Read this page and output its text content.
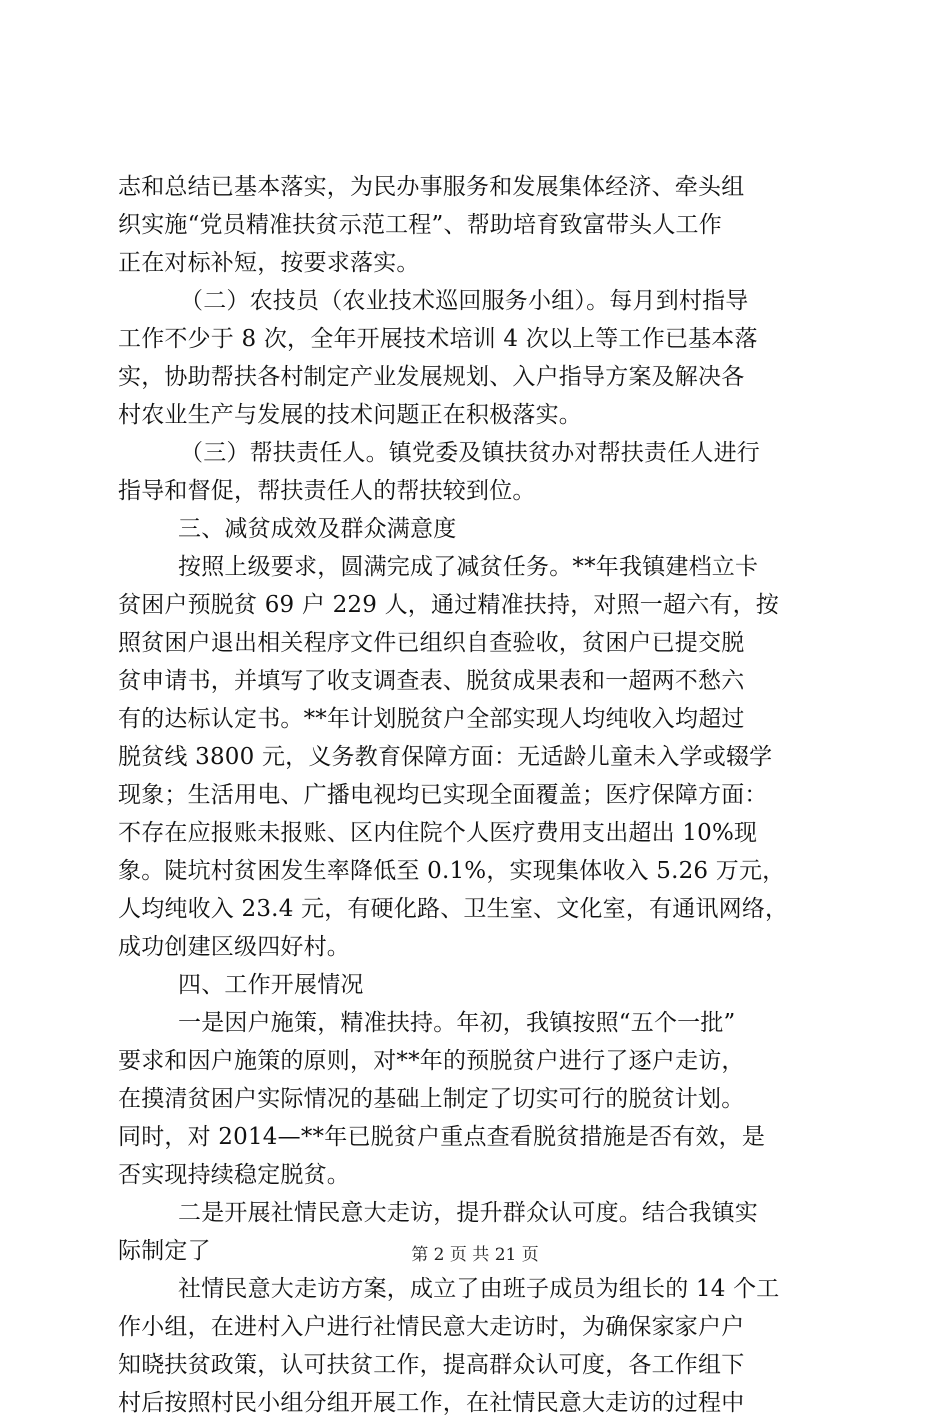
志和总结已基本落实，为民办事服务和发展集体经济、牵头组
织实施“党员精准扶贫示范工程”、帮助培育致富带头人工作
正在对标补短，按要求落实。
（二）农技员（农业技术巡回服务小组）。每月到村指导
工作不少于 8 次，全年开展技术培训 4 次以上等工作已基本落
实，协助帮扶各村制定产业发展规划、入户指导方案及解决各
村农业生产与发展的技术问题正在积极落实。
（三）帮扶责任人。镇党委及镇扶贫办对帮扶责任人进行
指导和督促，帮扶责任人的帮扶较到位。
三、减贫成效及群众满意度
按照上级要求，圆满完成了减贫任务。**年我镇建档立卡
贫困户预脱贫 69 户 229 人，通过精准扶持，对照一超六有，按
照贫困户退出相关程序文件已组织自查验收，贫困户已提交脱
贫申请书，并填写了收支调查表、脱贫成果表和一超两不愁六
有的达标认定书。**年计划脱贫户全部实现人均纯收入均超过
脱贫线 3800 元，义务教育保障方面：无适龄儿童未入学或辍学
现象；生活用电、广播电视均已实现全面覆盖；医疗保障方面：
不存在应报账未报账、区内住院个人医疗费用支出超出 10%现
象。陡坑村贫困发生率降低至 0.1%，实现集体收入 5.26 万元，
人均纯收入 23.4 元，有硬化路、卫生室、文化室，有通讯网络，
成功创建区级四好村。
四、工作开展情况
一是因户施策，精准扶持。年初，我镇按照“五个一批”
要求和因户施策的原则，对**年的预脱贫户进行了逐户走访，
在摸清贫困户实际情况的基础上制定了切实可行的脱贫计划。
同时，对 2014—**年已脱贫户重点查看脱贫措施是否有效，是
否实现持续稳定脱贫。
二是开展社情民意大走访，提升群众认可度。结合我镇实
际制定了
社情民意大走访方案，成立了由班子成员为组长的 14 个工
作小组，在进村入户进行社情民意大走访时，为确保家家户户
知晓扶贫政策，认可扶贫工作，提高群众认可度，各工作组下
村后按照村民小组分组开展工作，在社情民意大走访的过程中
第 2 页 共 21 页
